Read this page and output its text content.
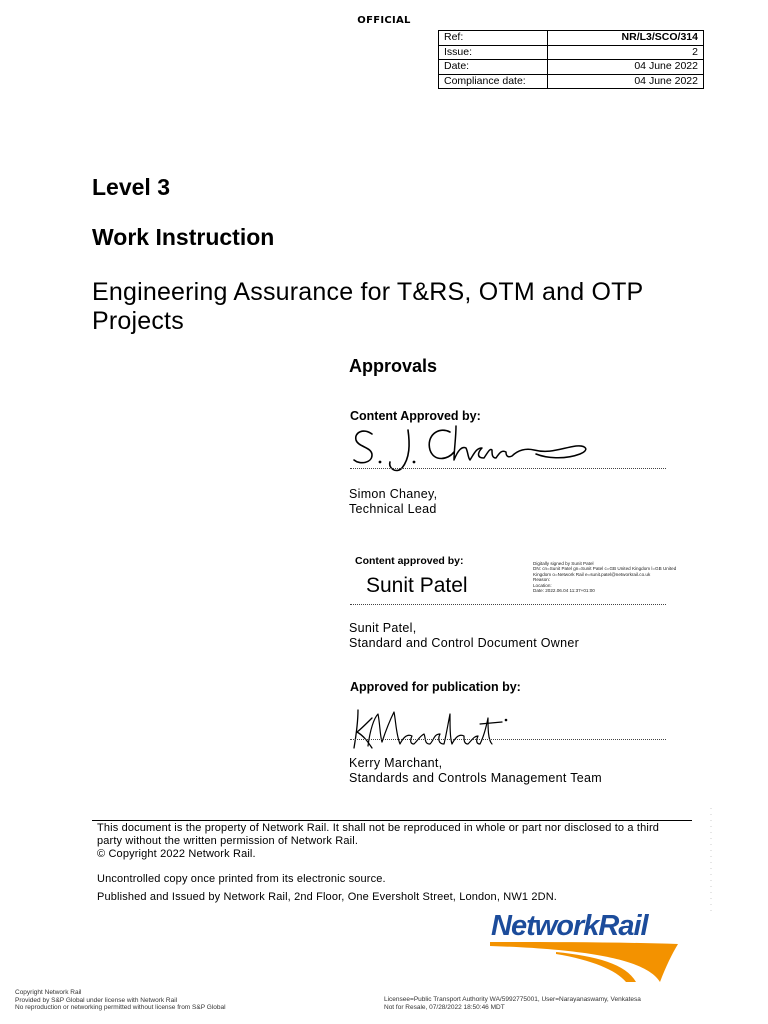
OFFICIAL
Ref:	NR/L3/SCO/314
Issue:	2
Date:	04 June 2022
Compliance date:	04 June 2022
Level 3
Work Instruction
Engineering Assurance for T&RS, OTM and OTP
Projects
Approvals
Content Approved by:
Simon Chaney,
Technical Lead
Content approved by:
Sunit Patel
Digitally signed by Sunit Patel
DN: cn=Sunit Patel gn=Sunit Patel c=GB United Kingdom l=GB United
Kingdom o=Network Rail e=sunit.patel@networkrail.co.uk
Reason:
Location:
Date: 2022.06.04 11:37+01:00
Sunit Patel,
Standard and Control Document Owner
Approved for publication by:
Kerry Marchant,
Standards and Controls Management Team
This document is the property of Network Rail. It shall not be reproduced in whole or part nor disclosed to a third
party without the written permission of Network Rail.
© Copyright 2022 Network Rail.
Uncontrolled copy once printed from its electronic source.
Published and Issued by Network Rail, 2nd Floor, One Eversholt Street, London, NW1 2DN.
NetworkRail
Copyright Network Rail
Provided by S&P Global under license with Network Rail
No reproduction or networking permitted without license from S&P Global
Licensee=Public Transport Authority WA/5992775001, User=Narayanaswamy, Venkatesa
Not for Resale, 07/28/2022 18:50:46 MDT
